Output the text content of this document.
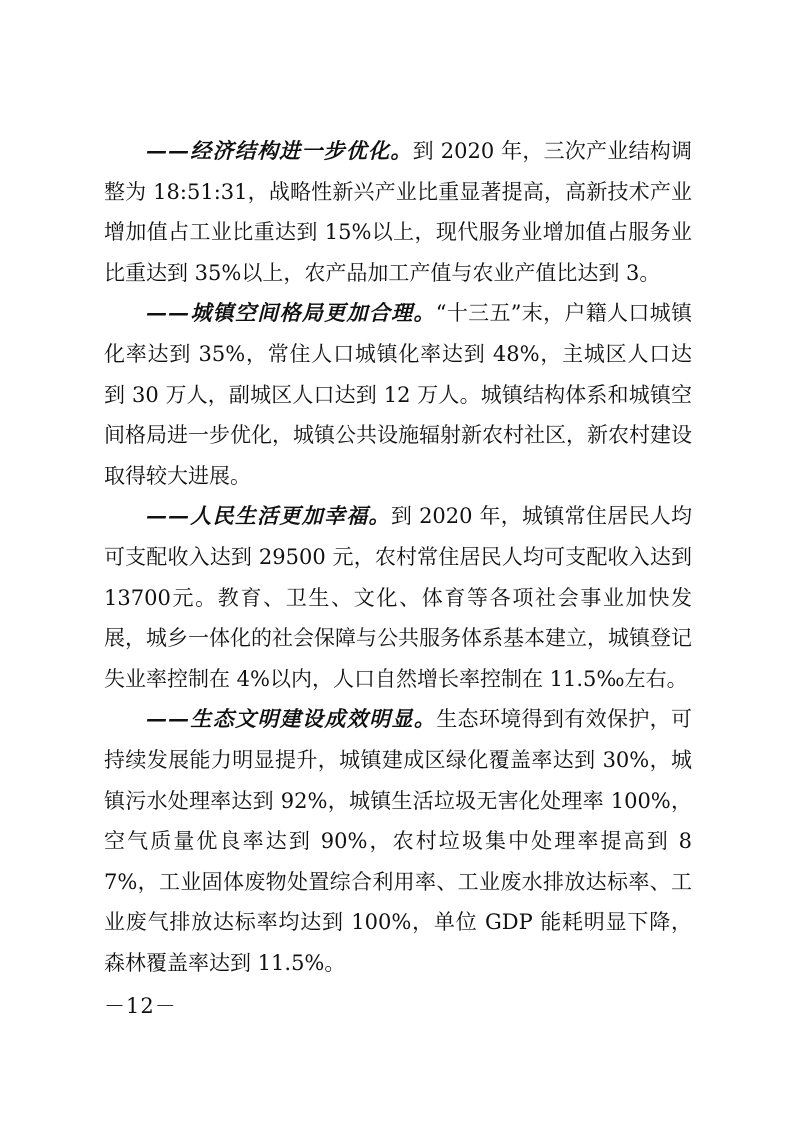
——经济结构进一步优化。到 2020 年，三次产业结构调整为 18:51:31，战略性新兴产业比重显著提高，高新技术产业增加值占工业比重达到 15%以上，现代服务业增加值占服务业比重达到 35%以上，农产品加工产值与农业产值比达到 3。

——城镇空间格局更加合理。“十三五”末，户籍人口城镇化率达到 35%，常住人口城镇化率达到 48%，主城区人口达到 30 万人，副城区人口达到 12 万人。城镇结构体系和城镇空间格局进一步优化，城镇公共设施辐射新农村社区，新农村建设取得较大进展。

——人民生活更加幸福。到 2020 年，城镇常住居民人均可支配收入达到 29500 元，农村常住居民人均可支配收入达到 13700元。教育、卫生、文化、体育等各项社会事业加快发展，城乡一体化的社会保障与公共服务体系基本建立，城镇登记失业率控制在 4%以内，人口自然增长率控制在 11.5‰左右。

——生态文明建设成效明显。生态环境得到有效保护，可持续发展能力明显提升，城镇建成区绿化覆盖率达到 30%，城镇污水处理率达到 92%，城镇生活垃圾无害化处理率 100%，空气质量优良率达到 90%，农村垃圾集中处理率提高到 87%，工业固体废物处置综合利用率、工业废水排放达标率、工业废气排放达标率均达到 100%，单位 GDP 能耗明显下降，森林覆盖率达到 11.5%。

－12－
